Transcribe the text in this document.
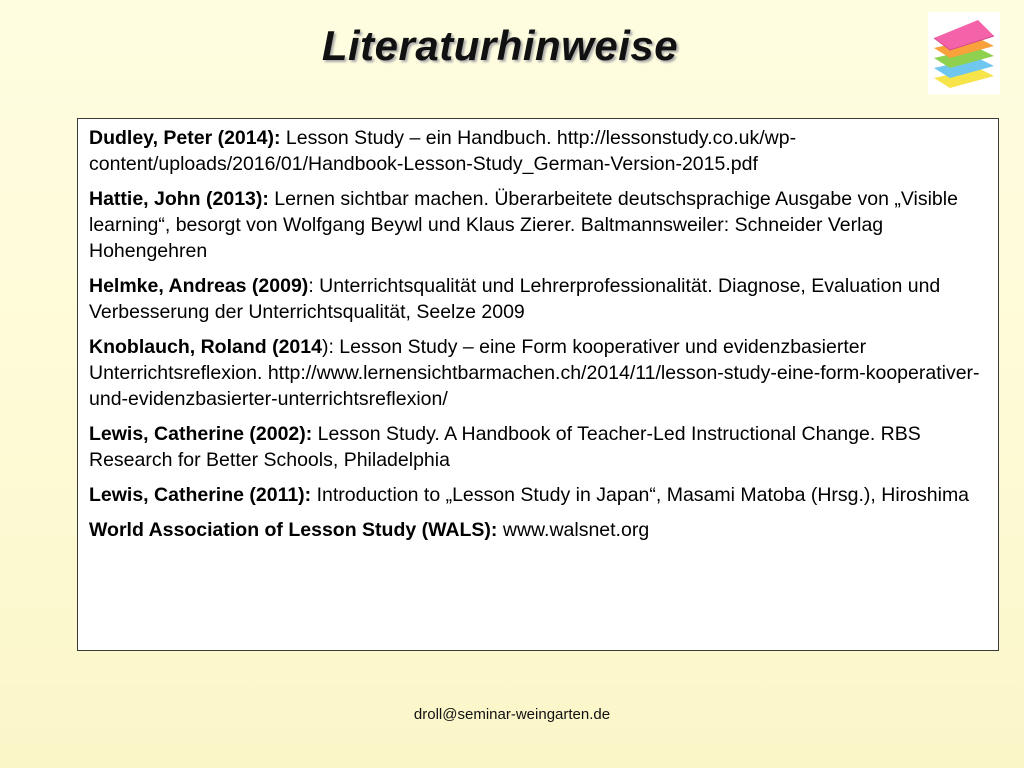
Literaturhinweise

Dudley, Peter (2014): Lesson Study – ein Handbuch. http://lessonstudy.co.uk/wp-content/uploads/2016/01/Handbook-Lesson-Study_German-Version-2015.pdf

Hattie, John (2013): Lernen sichtbar machen. Überarbeitete deutschsprachige Ausgabe von „Visible learning“, besorgt von Wolfgang Beywl und Klaus Zierer. Baltmannsweiler: Schneider Verlag Hohengehren

Helmke, Andreas (2009): Unterrichtsqualität und Lehrerprofessionalität. Diagnose, Evaluation und Verbesserung der Unterrichtsqualität, Seelze 2009

Knoblauch, Roland (2014): Lesson Study – eine Form kooperativer und evidenzbasierter Unterrichtsreflexion. http://www.lernensichtbarmachen.ch/2014/11/lesson-study-eine-form-kooperativer-und-evidenzbasierter-unterrichtsreflexion/

Lewis, Catherine (2002): Lesson Study. A Handbook of Teacher-Led Instructional Change. RBS Research for Better Schools, Philadelphia

Lewis, Catherine (2011): Introduction to „Lesson Study in Japan“, Masami Matoba (Hrsg.), Hiroshima

World Association of Lesson Study (WALS): www.walsnet.org

droll@seminar-weingarten.de
